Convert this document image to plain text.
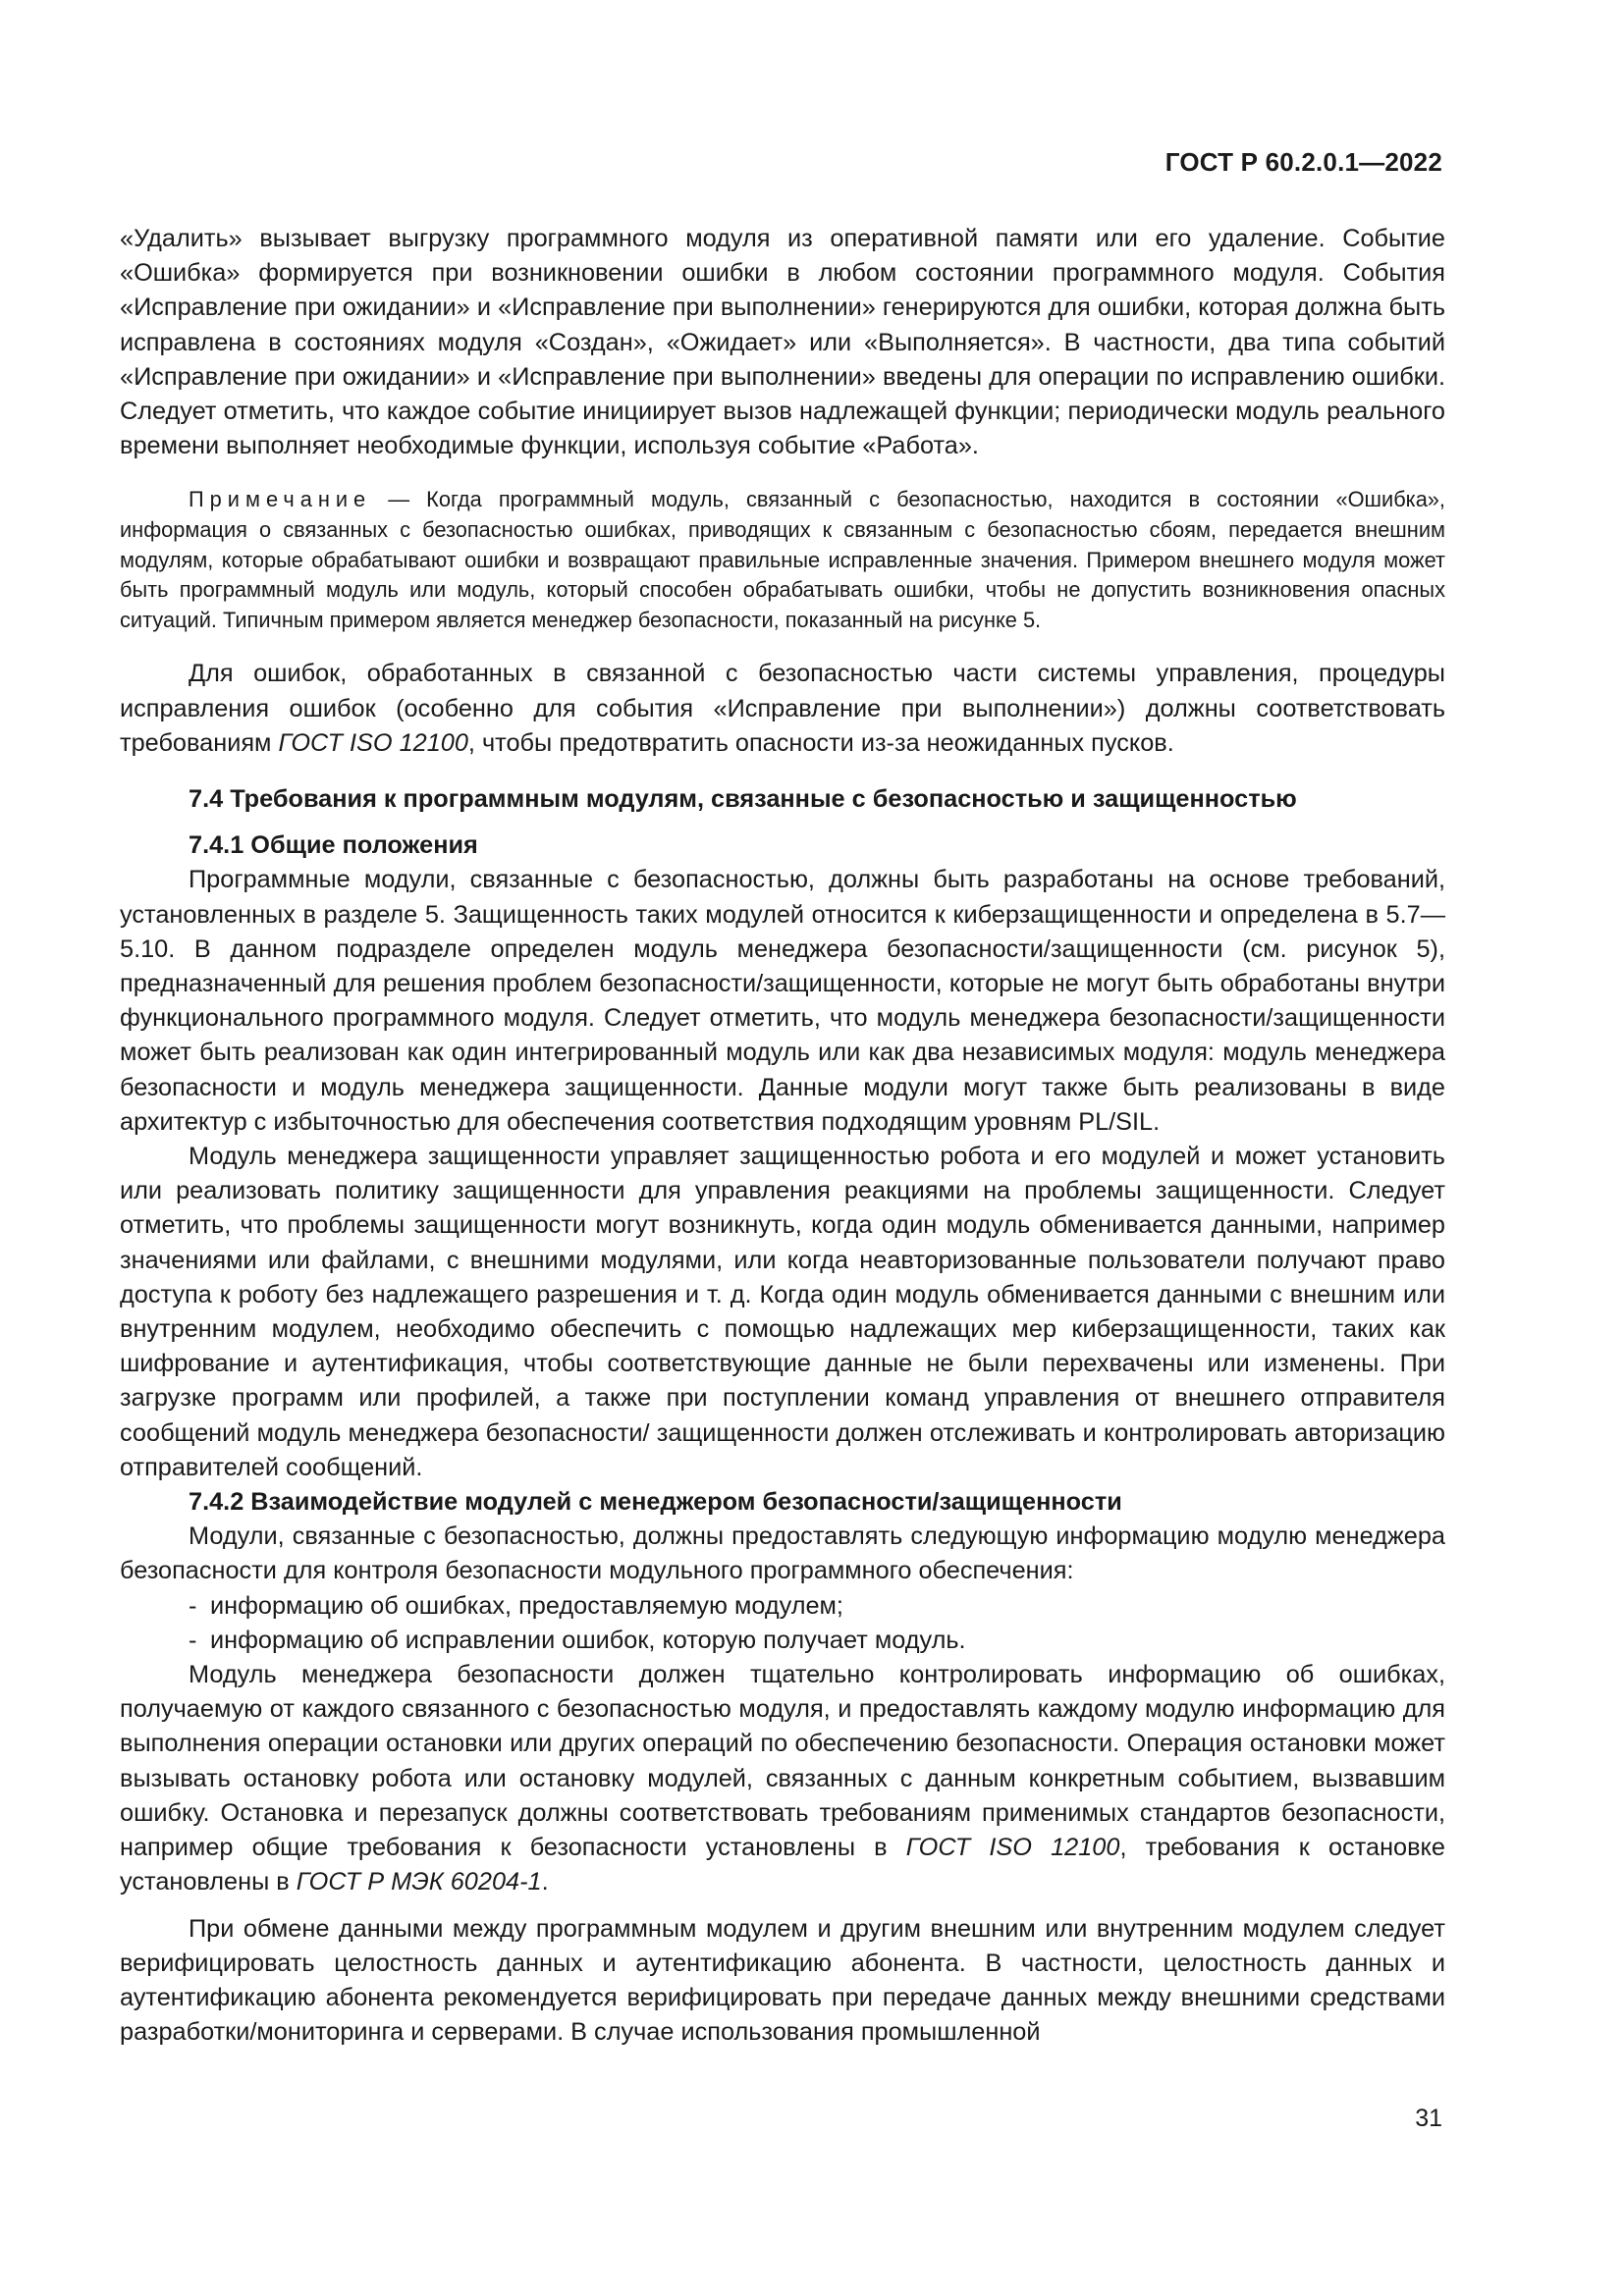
ГОСТ Р 60.2.0.1—2022

«Удалить» вызывает выгрузку программного модуля из оперативной памяти или его удаление. Событие «Ошибка» формируется при возникновении ошибки в любом состоянии программного модуля. События «Исправление при ожидании» и «Исправление при выполнении» генерируются для ошибки, которая должна быть исправлена в состояниях модуля «Создан», «Ожидает» или «Выполняется». В частности, два типа событий «Исправление при ожидании» и «Исправление при выполнении» введены для операции по исправлению ошибки. Следует отметить, что каждое событие инициирует вызов надлежащей функции; периодически модуль реального времени выполняет необходимые функции, используя событие «Работа».

Примечание — Когда программный модуль, связанный с безопасностью, находится в состоянии «Ошибка», информация о связанных с безопасностью ошибках, приводящих к связанным с безопасностью сбоям, передается внешним модулям, которые обрабатывают ошибки и возвращают правильные исправленные значения. Примером внешнего модуля может быть программный модуль или модуль, который способен обрабатывать ошибки, чтобы не допустить возникновения опасных ситуаций. Типичным примером является менеджер безопасности, показанный на рисунке 5.

Для ошибок, обработанных в связанной с безопасностью части системы управления, процедуры исправления ошибок (особенно для события «Исправление при выполнении») должны соответствовать требованиям ГОСТ ISO 12100, чтобы предотвратить опасности из-за неожиданных пусков.

7.4 Требования к программным модулям, связанные с безопасностью и защищенностью

7.4.1 Общие положения

Программные модули, связанные с безопасностью, должны быть разработаны на основе требований, установленных в разделе 5. Защищенность таких модулей относится к киберзащищенности и определена в 5.7—5.10. В данном подразделе определен модуль менеджера безопасности/защищенности (см. рисунок 5), предназначенный для решения проблем безопасности/защищенности, которые не могут быть обработаны внутри функционального программного модуля. Следует отметить, что модуль менеджера безопасности/защищенности может быть реализован как один интегрированный модуль или как два независимых модуля: модуль менеджера безопасности и модуль менеджера защищенности. Данные модули могут также быть реализованы в виде архитектур с избыточностью для обеспечения соответствия подходящим уровням PL/SIL.

Модуль менеджера защищенности управляет защищенностью робота и его модулей и может установить или реализовать политику защищенности для управления реакциями на проблемы защищенности. Следует отметить, что проблемы защищенности могут возникнуть, когда один модуль обменивается данными, например значениями или файлами, с внешними модулями, или когда неавторизованные пользователи получают право доступа к роботу без надлежащего разрешения и т. д. Когда один модуль обменивается данными с внешним или внутренним модулем, необходимо обеспечить с помощью надлежащих мер киберзащищенности, таких как шифрование и аутентификация, чтобы соответствующие данные не были перехвачены или изменены. При загрузке программ или профилей, а также при поступлении команд управления от внешнего отправителя сообщений модуль менеджера безопасности/ защищенности должен отслеживать и контролировать авторизацию отправителей сообщений.

7.4.2 Взаимодействие модулей с менеджером безопасности/защищенности

Модули, связанные с безопасностью, должны предоставлять следующую информацию модулю менеджера безопасности для контроля безопасности модульного программного обеспечения:

- информацию об ошибках, предоставляемую модулем;

- информацию об исправлении ошибок, которую получает модуль.

Модуль менеджера безопасности должен тщательно контролировать информацию об ошибках, получаемую от каждого связанного с безопасностью модуля, и предоставлять каждому модулю информацию для выполнения операции остановки или других операций по обеспечению безопасности. Операция остановки может вызывать остановку робота или остановку модулей, связанных с данным конкретным событием, вызвавшим ошибку. Остановка и перезапуск должны соответствовать требованиям применимых стандартов безопасности, например общие требования к безопасности установлены в ГОСТ ISO 12100, требования к остановке установлены в ГОСТ Р МЭК 60204-1.

При обмене данными между программным модулем и другим внешним или внутренним модулем следует верифицировать целостность данных и аутентификацию абонента. В частности, целостность данных и аутентификацию абонента рекомендуется верифицировать при передаче данных между внешними средствами разработки/мониторинга и серверами. В случае использования промышленной

31
